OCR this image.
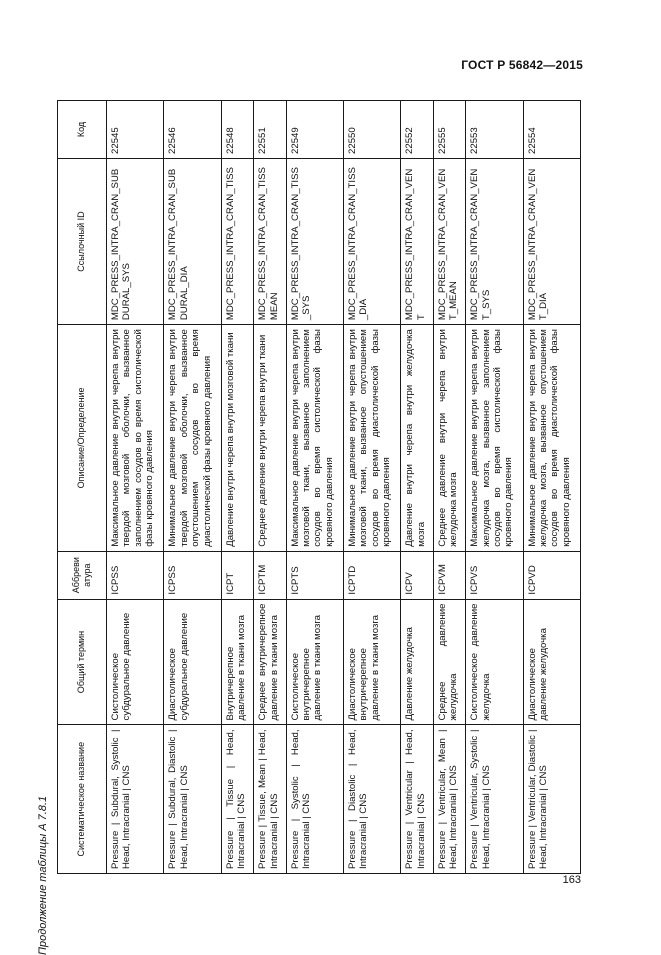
ГОСТ Р 56842—2015
Продолжение таблицы А 7.8.1	Систематическое название	Общий термин	Аббреви атура	Описание/Определение	Ссылочный ID	Код
Pressure | Subdural, Systolic | Head, Intracranial | CNS	Систолическое субдуральное давление	ICPSS	Максимальное давление внутри черепа внутри твердой мозговой оболочки, вызванное заполнением сосудов во время систолической фазы кровяного давления	MDC_PRESS_INTRA_CRAN_SUBDURAL_SYS	22545
Pressure | Subdural, Diastolic | Head, Intracranial | CNS	Диастолическое субдуральное давление	ICPSS	Минимальное давление внутри черепа внутри твердой мозговой оболочки, вызванное опустошением сосудов во время диастолической фазы кровяного давления	MDC_PRESS_INTRA_CRAN_SUBDURAL_DIA	22546
Pressure | Tissue | Head, Intracranial | CNS	Внутричерепное давление в ткани мозга	ICPT	Давление внутри черепа внутри мозговой ткани	MDC_PRESS_INTRA_CRAN_TISS	22548
Pressure | Tissue, Mean | Head, Intracranial | CNS	Среднее внутричерепное давление в ткани мозга	ICPTM	Среднее давление внутри черепа внутри ткани	MDC_PRESS_INTRA_CRAN_TISSMEAN	22551
Pressure | Systolic | Head, Intracranial | CNS	Систолическое внутричерепное давление в ткани мозга	ICPTS	Максимальное давление внутри черепа внутри мозговой ткани, вызванное заполнением сосудов во время систолической фазы кровяного давления	MDC_PRESS_INTRA_CRAN_TISS_SYS	22549
Pressure | Diastolic | Head, Intracranial | CNS	Диастолическое внутричерепное давление в ткани мозга	ICPTD	Минимальное давление внутри черепа внутри мозговой ткани, вызванное опустошением сосудов во время диастолической фазы кровяного давления	MDC_PRESS_INTRA_CRAN_TISS_DIA	22550
Pressure | Ventricular | Head, Intracranial | CNS	Давление желудочка	ICPV	Давление внутри черепа внутри желудочка мозга	MDC_PRESS_INTRA_CRAN_VENT	22552
Pressure | Ventricular, Mean | Head, Intracranial | CNS	Среднее давление желудочка	ICPVM	Среднее давление внутри черепа внутри желудочка мозга	MDC_PRESS_INTRA_CRAN_VENT_MEAN	22555
Pressure | Ventricular, Systolic | Head, Intracranial | CNS	Систолическое давление желудочка	ICPVS	Максимальное давление внутри черепа внутри желудочка мозга, вызванное заполнением сосудов во время систолической фазы кровяного давления	MDC_PRESS_INTRA_CRAN_VENT_SYS	22553
Pressure | Ventricular, Diastolic | Head, Intracranial | CNS	Диастолическое давление желудочка	ICPVD	Минимальное давление внутри черепа внутри желудочка мозга, вызванное опустошением сосудов во время диастолической фазы кровяного давления	MDC_PRESS_INTRA_CRAN_VENT_DIA	22554
163
